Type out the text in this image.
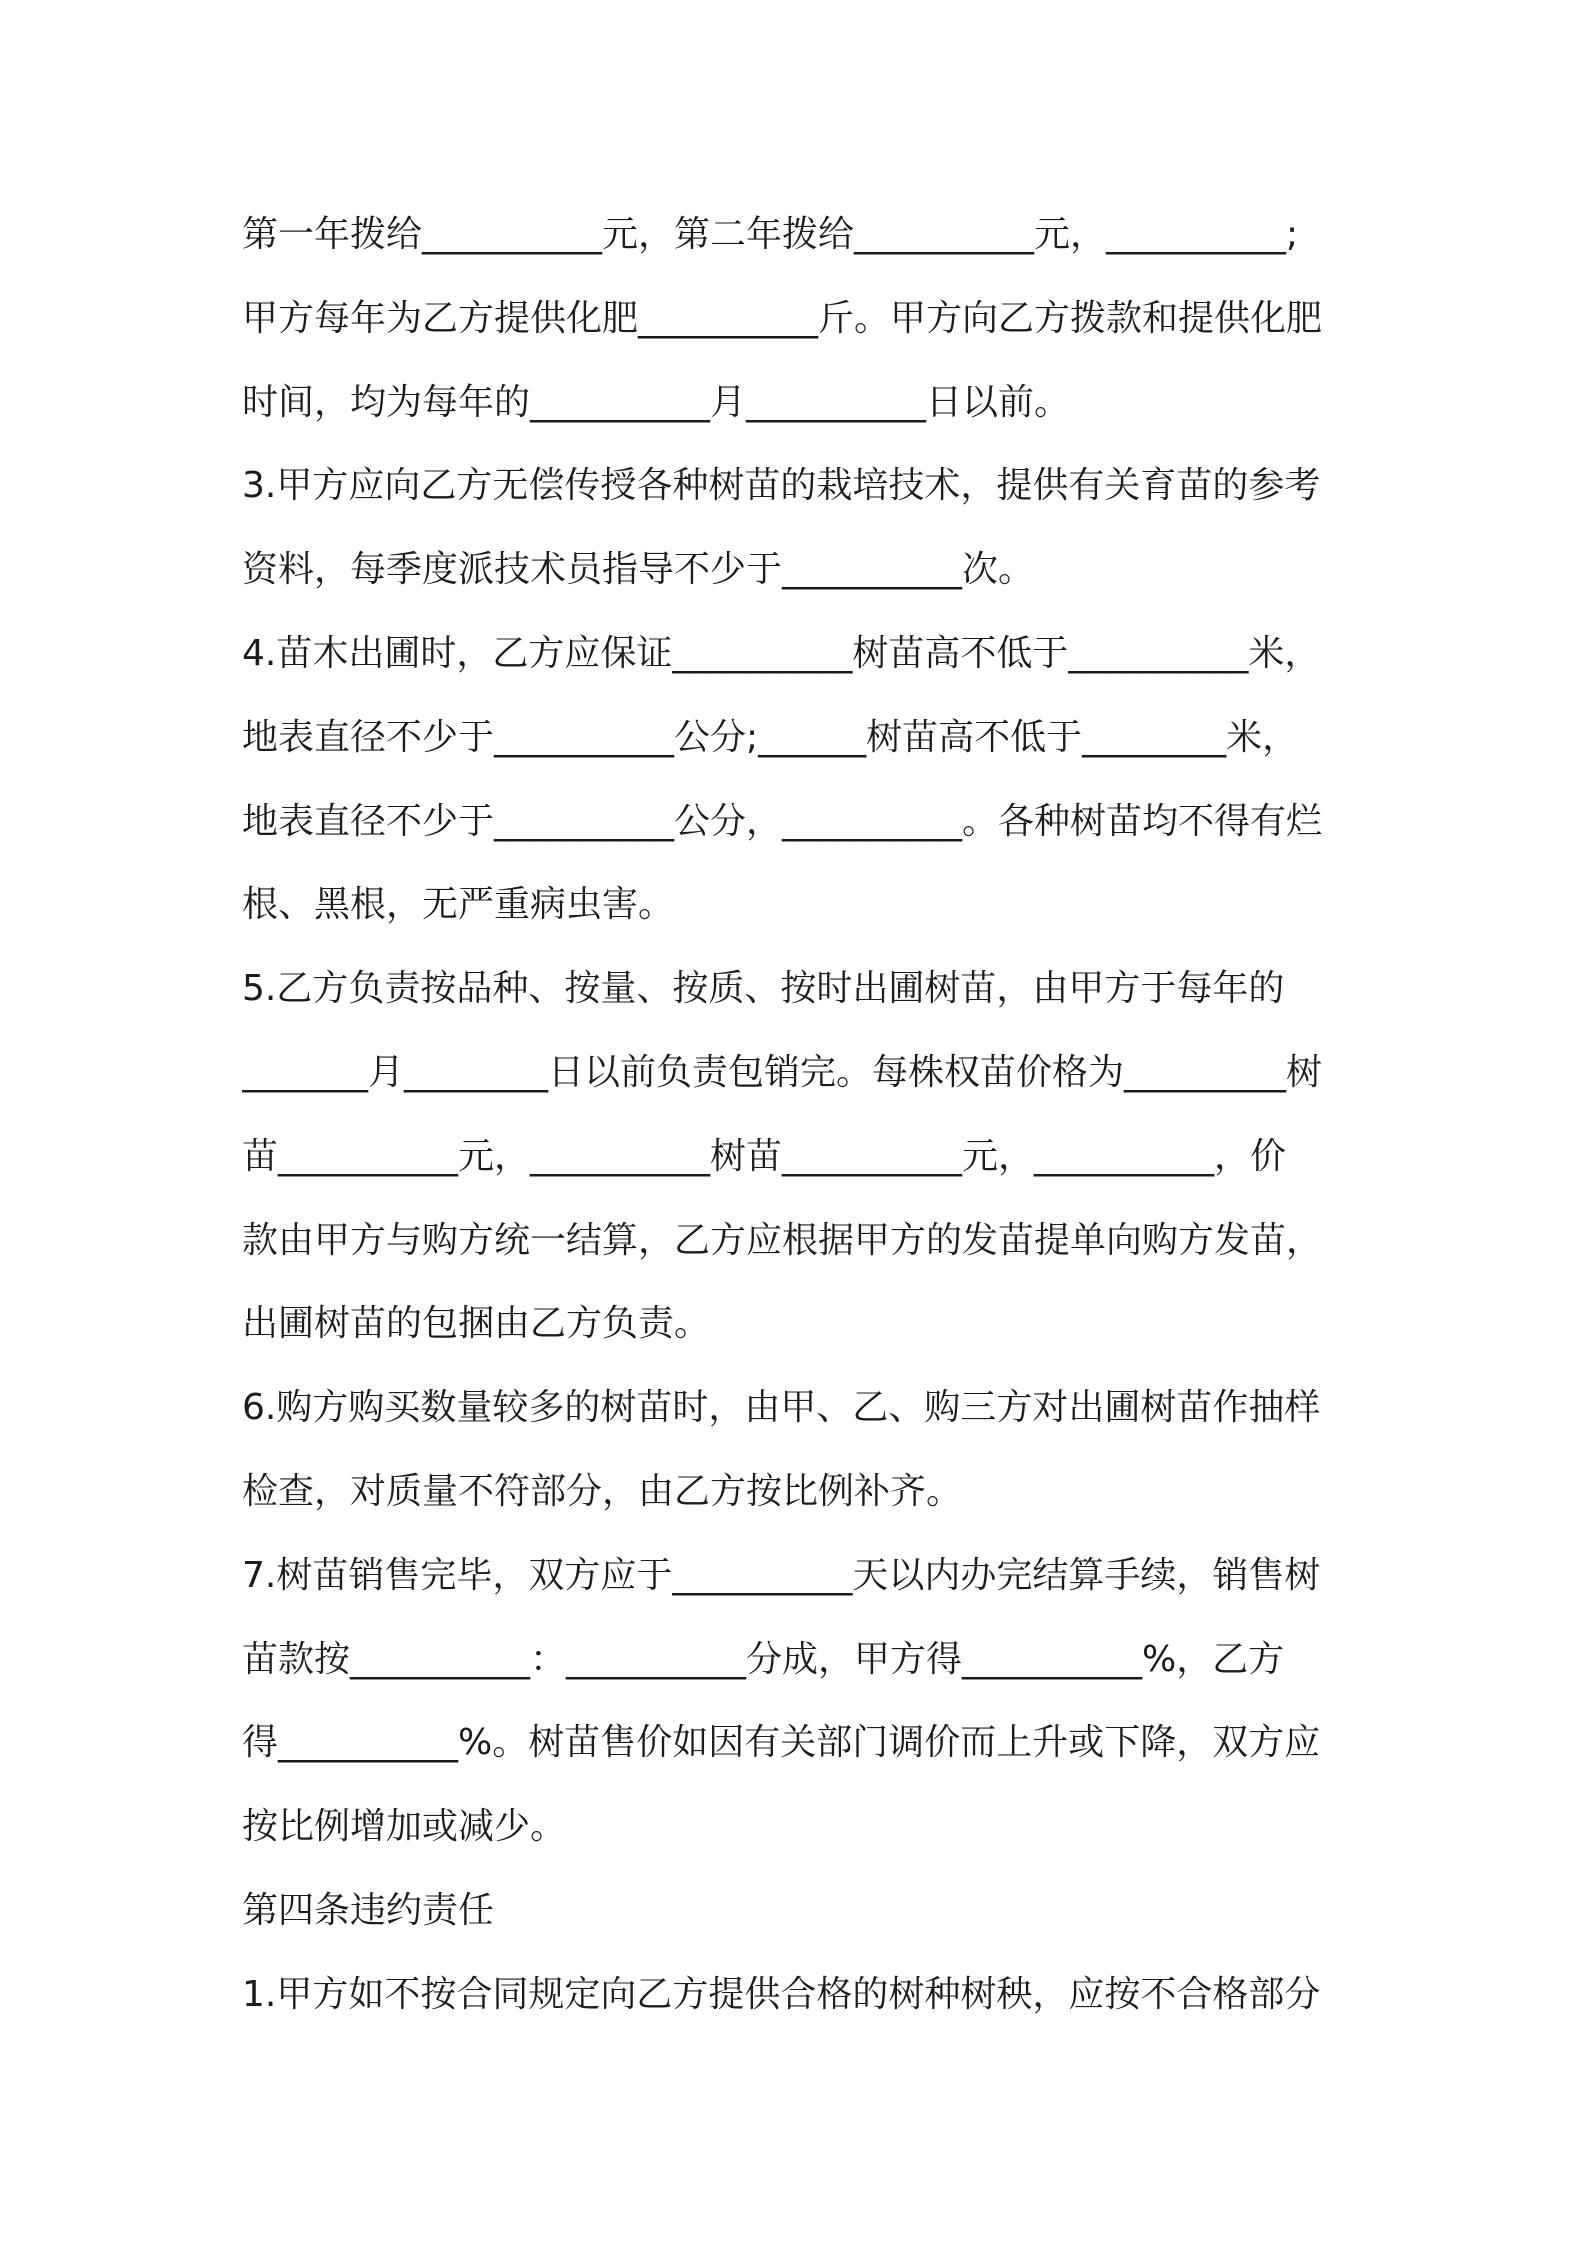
第一年拨给__________元，第二年拨给__________元，__________;
甲方每年为乙方提供化肥__________斤。甲方向乙方拨款和提供化肥
时间，均为每年的__________月__________日以前。
3.甲方应向乙方无偿传授各种树苗的栽培技术，提供有关育苗的参考
资料，每季度派技术员指导不少于__________次。
4.苗木出圃时，乙方应保证__________树苗高不低于__________米，
地表直径不少于__________公分;______树苗高不低于________米，
地表直径不少于__________公分，__________。各种树苗均不得有烂
根、黑根，无严重病虫害。
5.乙方负责按品种、按量、按质、按时出圃树苗，由甲方于每年的
_______月________日以前负责包销完。每株权苗价格为_________树
苗__________元，__________树苗__________元，__________，价
款由甲方与购方统一结算，乙方应根据甲方的发苗提单向购方发苗，
出圃树苗的包捆由乙方负责。
6.购方购买数量较多的树苗时，由甲、乙、购三方对出圃树苗作抽样
检查，对质量不符部分，由乙方按比例补齐。
7.树苗销售完毕，双方应于__________天以内办完结算手续，销售树
苗款按__________：__________分成，甲方得__________%，乙方
得__________%。树苗售价如因有关部门调价而上升或下降，双方应
按比例增加或减少。
第四条违约责任
1.甲方如不按合同规定向乙方提供合格的树种树秧，应按不合格部分
